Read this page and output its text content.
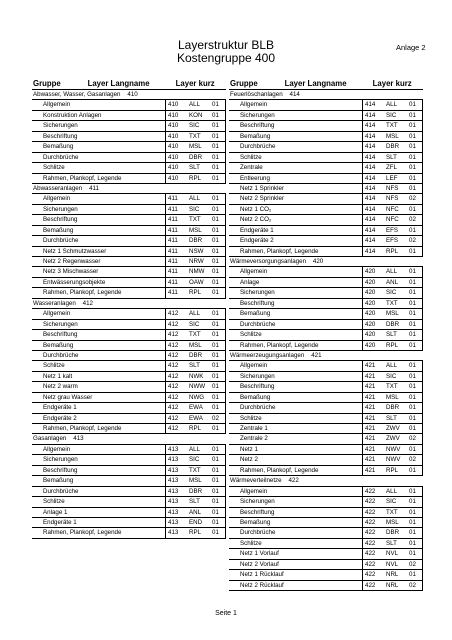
Layerstruktur BLB
Kostengruppe 400
Anlage 2
Gruppe	Layer Langname	Layer kurz
Abwasser, Wasser, Gasanlagen 410
Allgemein	410	ALL	01
Konstruktion Anlagen	410	KON	01
Sicherungen	410	SIC	01
Beschriftung	410	TXT	01
Bemaßung	410	MSL	01
Durchbrüche	410	DBR	01
Schlitze	410	SLT	01
Rahmen, Plankopf, Legende	410	RPL	01
Abwasseranlagen 411
Allgemein	411	ALL	01
Sicherungen	411	SIC	01
Beschriftung	411	TXT	01
Bemaßung	411	MSL	01
Durchbrüche	411	DBR	01
Netz 1 Schmutzwasser	411	NSW	01
Netz 2 Regenwasser	411	NRW	01
Netz 3 Mischwasser	411	NMW	01
Entwässerungsobjekte	411	OAW	01
Rahmen, Plankopf, Legende	411	RPL	01
Wasseranlagen 412
Allgemein	412	ALL	01
Sicherungen	412	SIC	01
Beschriftung	412	TXT	01
Bemaßung	412	MSL	01
Durchbrüche	412	DBR	01
Schlitze	412	SLT	01
Netz 1 kalt	412	NWK	01
Netz 2 warm	412	NWW	01
Netz grau Wasser	412	NWG	01
Endgeräte 1	412	EWA	01
Endgeräte 2	412	EWA	02
Rahmen, Plankopf, Legende	412	RPL	01
Gasanlagen 413
Allgemein	413	ALL	01
Sicherungen	413	SIC	01
Beschriftung	413	TXT	01
Bemaßung	413	MSL	01
Durchbrüche	413	DBR	01
Schlitze	413	SLT	01
Anlage 1	413	ANL	01
Endgeräte 1	413	END	01
Rahmen, Plankopf, Legende	413	RPL	01
Gruppe	Layer Langname	Layer kurz
Feuerlöschanlagen 414
Allgemein	414	ALL	01
Sicherungen	414	SIC	01
Beschriftung	414	TXT	01
Bemaßung	414	MSL	01
Durchbrüche	414	DBR	01
Schlitze	414	SLT	01
Zentrale	414	ZFL	01
Entleerung	414	LEF	01
Netz 1 Sprinkler	414	NFS	01
Netz 2 Sprinkler	414	NFS	02
Netz 1 CO₂	414	NFC	01
Netz 2 CO₂	414	NFC	02
Endgeräte 1	414	EFS	01
Endgeräte 2	414	EFS	02
Rahmen, Plankopf, Legende	414	RPL	01
Wärmeversorgungsanlagen 420
Allgemein	420	ALL	01
Anlage	420	ANL	01
Sicherungen	420	SIC	01
Beschriftung	420	TXT	01
Bemaßung	420	MSL	01
Durchbrüche	420	DBR	01
Schlitze	420	SLT	01
Rahmen, Plankopf, Legende	420	RPL	01
Wärmeerzeugungsanlagen 421
Allgemein	421	ALL	01
Sicherungen	421	SIC	01
Beschriftung	421	TXT	01
Bemaßung	421	MSL	01
Durchbrüche	421	DBR	01
Schlitze	421	SLT	01
Zentrale 1	421	ZWV	01
Zentrale 2	421	ZWV	02
Netz 1	421	NWV	01
Netz 2	421	NWV	02
Rahmen, Plankopf, Legende	421	RPL	01
Wärmeverteilnetze 422
Allgemein	422	ALL	01
Sicherungen	422	SIC	01
Beschriftung	422	TXT	01
Bemaßung	422	MSL	01
Durchbrüche	422	DBR	01
Schlitze	422	SLT	01
Netz 1 Vorlauf	422	NVL	01
Netz 2 Vorlauf	422	NVL	02
Netz 1 Rücklauf	422	NRL	01
Netz 2 Rücklauf	422	NRL	02
Seite 1
